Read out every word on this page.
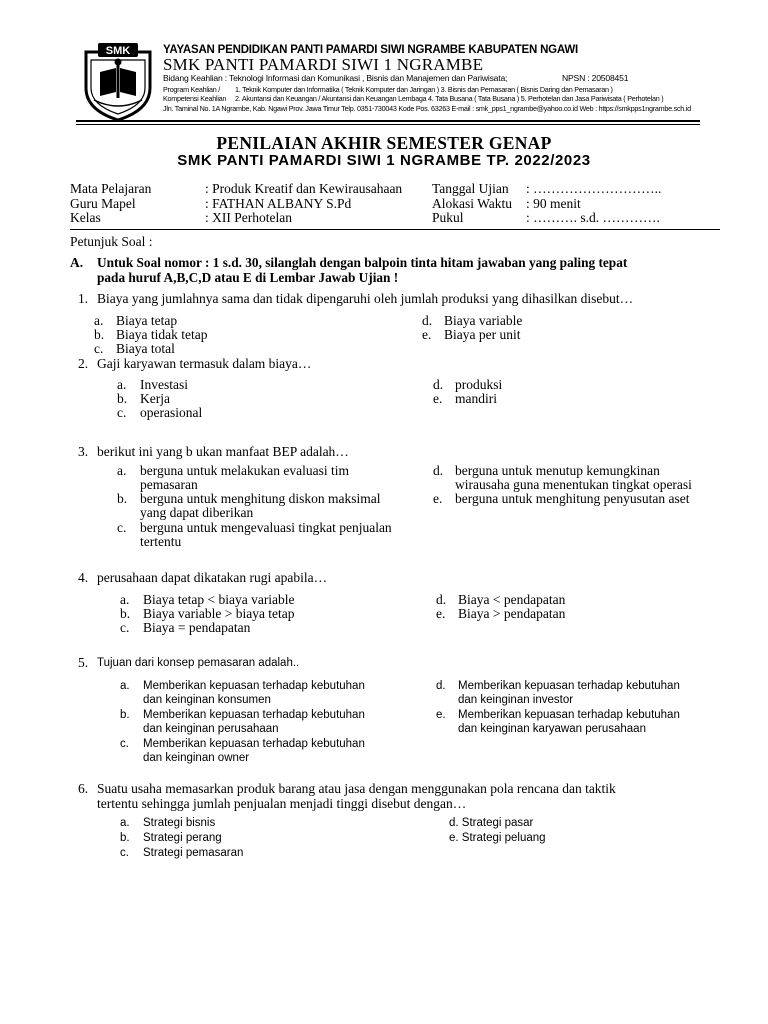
SMK	YAYASAN PENDIDIKAN PANTI PAMARDI SIWI NGRAMBE KABUPATEN NGAWI
SMK PANTI PAMARDI SIWI 1 NGRAMBE
Bidang Keahlian : Teknologi Informasi dan Komunikasi , Bisnis dan Manajemen dan Pariwisata;	NPSN : 20508451
Program Keahlian / 1. Teknik Komputer dan Informatika ( Teknik Komputer dan Jaringan ) 3. Bisnis dan Pemasaran ( Bisnis Daring dan Pemasaran )
Kompetensi Keahlian 2. Akuntansi dan Keuangan / Akuntansi dan Keuangan Lembaga 4. Tata Busana ( Tata Busana ) 5. Perhotelan dan Jasa Pariwisata ( Perhotelan )
Jln. Taminal No. 1A Ngrambe, Kab. Ngawi Prov. Jawa Timur Telp. 0351-730043 Kode Pos. 63263 E-mail : smk_pps1_ngrambe@yahoo.co.id Web : https://smkpps1ngrambe.sch.id
PENILAIAN AKHIR SEMESTER GENAP
SMK PANTI PAMARDI SIWI 1 NGRAMBE TP. 2022/2023
Mata Pelajaran	: Produk Kreatif dan Kewirausahaan
Guru Mapel	: FATHAN ALBANY S.Pd
Kelas	: XII Perhotelan
Tanggal Ujian : ………………………..
Alokasi Waktu : 90 menit
Pukul	: ………. s.d. ………….
Petunjuk Soal :
A. Untuk Soal nomor : 1 s.d. 30, silanglah dengan balpoin tinta hitam jawaban yang paling tepat
pada huruf A,B,C,D atau E di Lembar Jawab Ujian !
1. Biaya yang jumlahnya sama dan tidak dipengaruhi oleh jumlah produksi yang dihasilkan disebut…
a. Biaya tetap
b. Biaya tidak tetap
c. Biaya total
d. Biaya variable
e. Biaya per unit
2. Gaji karyawan termasuk dalam biaya…
a. Investasi
b. Kerja
c. operasional
d. produksi
e. mandiri
3. berikut ini yang b ukan manfaat BEP adalah…
a. berguna untuk melakukan evaluasi tim
pemasaran
b. berguna untuk menghitung diskon maksimal
yang dapat diberikan
c. berguna untuk mengevaluasi tingkat penjualan
tertentu
d. berguna untuk menutup kemungkinan
wirausaha guna menentukan tingkat operasi
e. berguna untuk menghitung penyusutan aset
4. perusahaan dapat dikatakan rugi apabila…
a. Biaya tetap < biaya variable
b. Biaya variable > biaya tetap
c. Biaya = pendapatan
d. Biaya < pendapatan
e. Biaya > pendapatan
5. Tujuan dari konsep pemasaran adalah..
a. Memberikan kepuasan terhadap kebutuhan
dan keinginan konsumen
b. Memberikan kepuasan terhadap kebutuhan
dan keinginan perusahaan
c. Memberikan kepuasan terhadap kebutuhan
dan keinginan owner
d. Memberikan kepuasan terhadap kebutuhan
dan keinginan investor
e. Memberikan kepuasan terhadap kebutuhan
dan keinginan karyawan perusahaan
6. Suatu usaha memasarkan produk barang atau jasa dengan menggunakan pola rencana dan taktik
tertentu sehingga jumlah penjualan menjadi tinggi disebut dengan…
a. Strategi bisnis
b. Strategi perang
c. Strategi pemasaran
d. Strategi pasar
e. Strategi peluang
